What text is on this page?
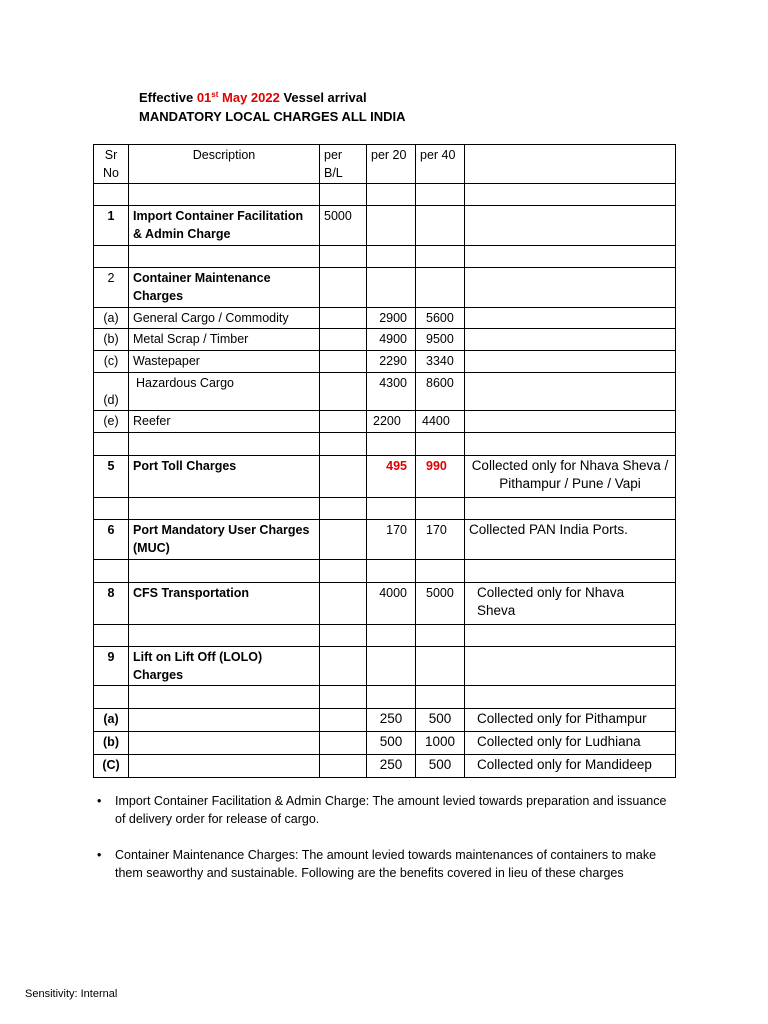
Effective 01st May 2022 Vessel arrival
MANDATORY LOCAL CHARGES ALL INDIA
Sr No	Description	per B/L	per 20	per 40	

1	Import Container Facilitation & Admin Charge	5000			

2	Container Maintenance Charges				
(a)	General Cargo / Commodity		2900	5600	
(b)	Metal Scrap / Timber		4900	9500	
(c)	Wastepaper		2290	3340	
(d)	Hazardous Cargo		4300	8600	
(e)	Reefer		2200	4400	

5	Port Toll Charges		495	990	Collected only for Nhava Sheva / Pithampur / Pune / Vapi

6	Port Mandatory User Charges (MUC)		170	170	Collected PAN India Ports.

8	CFS Transportation		4000	5000	Collected only for Nhava Sheva

9	Lift on Lift Off (LOLO) Charges				

(a)			250	500	Collected only for Pithampur
(b)			500	1000	Collected only for Ludhiana
(C)			250	500	Collected only for Mandideep
• Import Container Facilitation & Admin Charge: The amount levied towards preparation and issuance of delivery order for release of cargo.
• Container Maintenance Charges: The amount levied towards maintenances of containers to make them seaworthy and sustainable. Following are the benefits covered in lieu of these charges
Sensitivity: Internal
